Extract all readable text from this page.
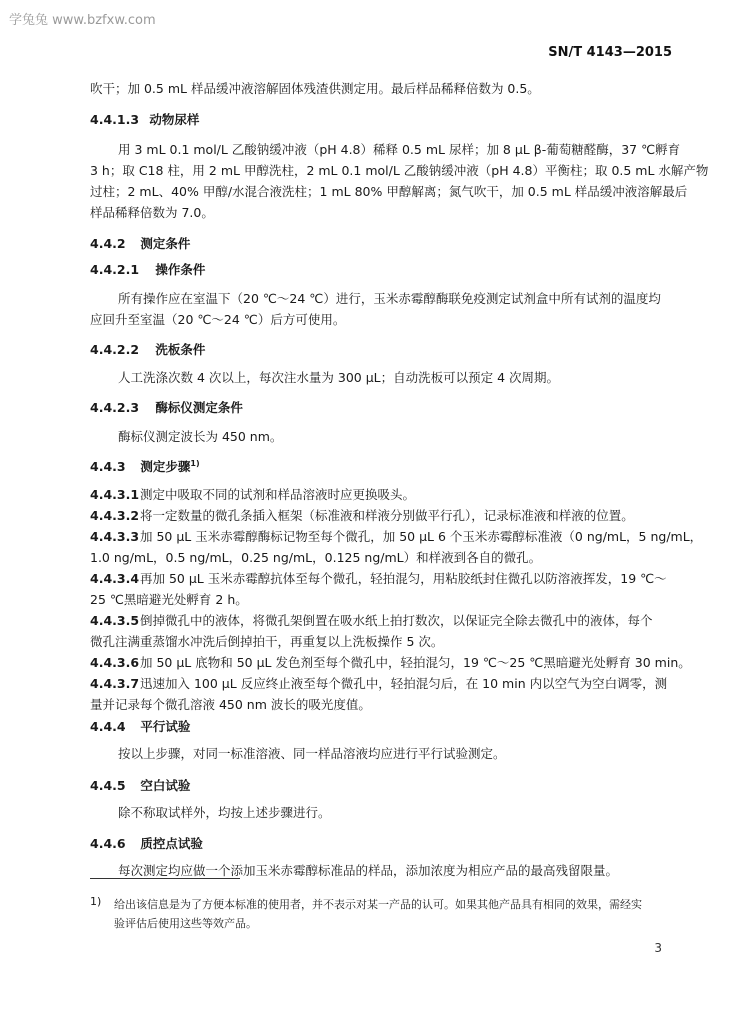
学兔兔 www.bzfxw.com
SN/T 4143—2015
吹干；加 0.5 mL 样品缓冲液溶解固体残渣供测定用。最后样品稀释倍数为 0.5。
4.4.1.3 动物尿样
用 3 mL 0.1 mol/L 乙酸钠缓冲液（pH 4.8）稀释 0.5 mL 尿样；加 8 μL β-葡萄糖醛酶，37 ℃孵育
3 h；取 C18 柱，用 2 mL 甲醇洗柱，2 mL 0.1 mol/L 乙酸钠缓冲液（pH 4.8）平衡柱；取 0.5 mL 水解产物
过柱；2 mL、40% 甲醇/水混合液洗柱；1 mL 80% 甲醇解离；氮气吹干，加 0.5 mL 样品缓冲液溶解最后
样品稀释倍数为 7.0。
4.4.2 测定条件
4.4.2.1 操作条件
所有操作应在室温下（20 ℃～24 ℃）进行，玉米赤霉醇酶联免疫测定试剂盒中所有试剂的温度均
应回升至室温（20 ℃～24 ℃）后方可使用。
4.4.2.2 洗板条件
人工洗涤次数 4 次以上，每次注水量为 300 μL；自动洗板可以预定 4 次周期。
4.4.2.3 酶标仪测定条件
酶标仪测定波长为 450 nm。
4.4.3 测定步骤$^{1)}$
4.4.3.1测定中吸取不同的试剂和样品溶液时应更换吸头。
4.4.3.2将一定数量的微孔条插入框架（标准液和样液分别做平行孔），记录标准液和样液的位置。
4.4.3.3加 50 μL 玉米赤霉醇酶标记物至每个微孔，加 50 μL 6 个玉米赤霉醇标准液（0 ng/mL，5 ng/mL，
1.0 ng/mL，0.5 ng/mL，0.25 ng/mL，0.125 ng/mL）和样液到各自的微孔。
4.4.3.4再加 50 μL 玉米赤霉醇抗体至每个微孔，轻拍混匀，用粘胶纸封住微孔以防溶液挥发，19 ℃～
25 ℃黑暗避光处孵育 2 h。
4.4.3.5倒掉微孔中的液体，将微孔架倒置在吸水纸上拍打数次，以保证完全除去微孔中的液体，每个
微孔注满重蒸馏水冲洗后倒掉拍干，再重复以上洗板操作 5 次。
4.4.3.6加 50 μL 底物和 50 μL 发色剂至每个微孔中，轻拍混匀，19 ℃～25 ℃黑暗避光处孵育 30 min。
4.4.3.7迅速加入 100 μL 反应终止液至每个微孔中，轻拍混匀后，在 10 min 内以空气为空白调零，测
量并记录每个微孔溶液 450 nm 波长的吸光度值。
4.4.4 平行试验
按以上步骤，对同一标准溶液、同一样品溶液均应进行平行试验测定。
4.4.5 空白试验
除不称取试样外，均按上述步骤进行。
4.4.6 质控点试验
每次测定均应做一个添加玉米赤霉醇标准品的样品，添加浓度为相应产品的最高残留限量。
1) 给出该信息是为了方便本标准的使用者，并不表示对某一产品的认可。如果其他产品具有相同的效果，需经实
验评估后使用这些等效产品。
3
